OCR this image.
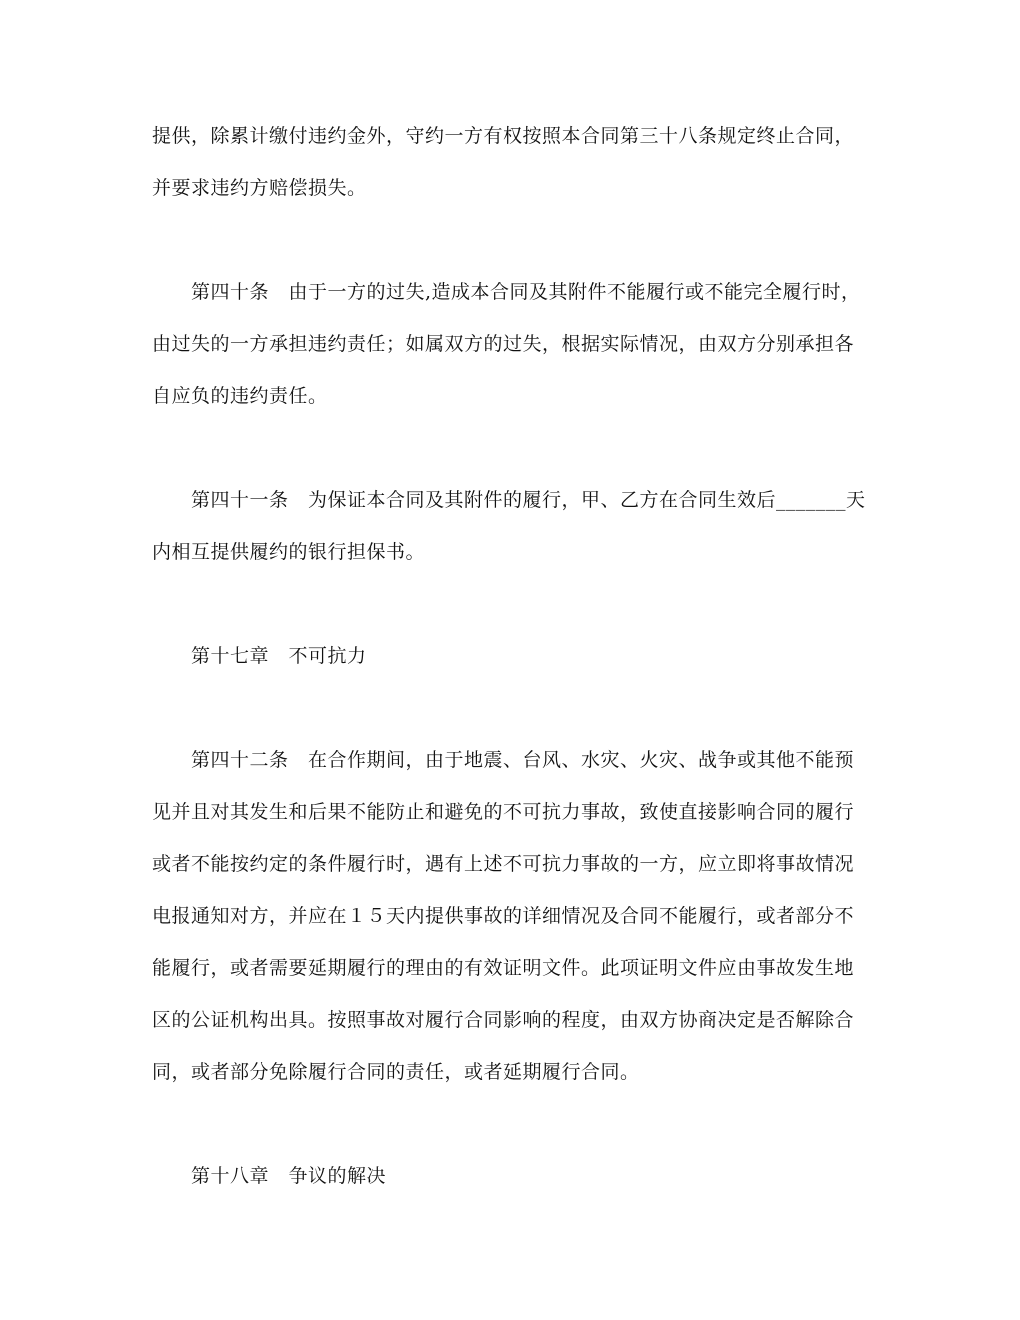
提供，除累计缴付违约金外，守约一方有权按照本合同第三十八条规定终止合同，
并要求违约方赔偿损失。
第四十条　由于一方的过失,造成本合同及其附件不能履行或不能完全履行时，
由过失的一方承担违约责任；如属双方的过失，根据实际情况，由双方分别承担各
自应负的违约责任。
第四十一条　为保证本合同及其附件的履行，甲、乙方在合同生效后_______天
内相互提供履约的银行担保书。
第十七章　不可抗力
第四十二条　在合作期间，由于地震、台风、水灾、火灾、战争或其他不能预
见并且对其发生和后果不能防止和避免的不可抗力事故，致使直接影响合同的履行
或者不能按约定的条件履行时，遇有上述不可抗力事故的一方，应立即将事故情况
电报通知对方，并应在１５天内提供事故的详细情况及合同不能履行，或者部分不
能履行，或者需要延期履行的理由的有效证明文件。此项证明文件应由事故发生地
区的公证机构出具。按照事故对履行合同影响的程度，由双方协商决定是否解除合
同，或者部分免除履行合同的责任，或者延期履行合同。
第十八章　争议的解决
